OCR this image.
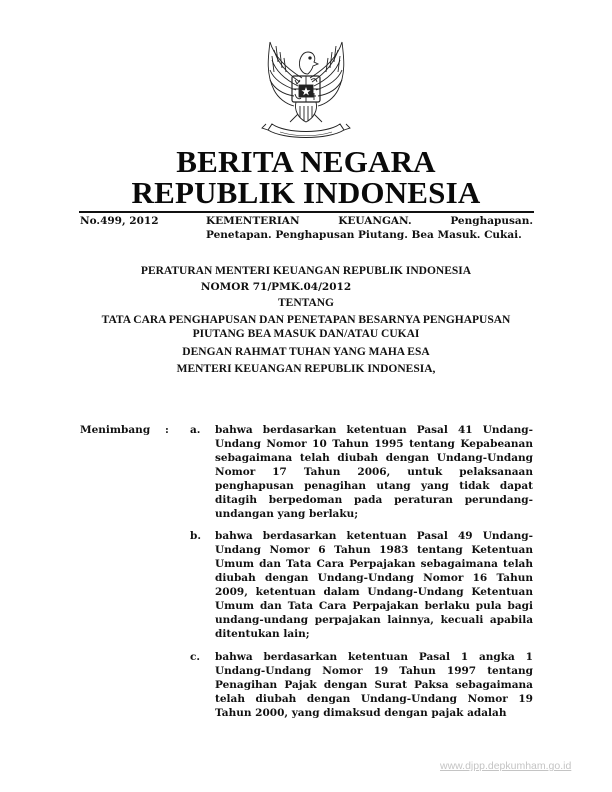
BERITA NEGARA
REPUBLIK INDONESIA
No.499, 2012	KEMENTERIAN	KEUANGAN.	Penghapusan.
Penetapan. Penghapusan Piutang. Bea Masuk. Cukai.
PERATURAN MENTERI KEUANGAN REPUBLIK INDONESIA
NOMOR 71/PMK.04/2012
TENTANG
TATA CARA PENGHAPUSAN DAN PENETAPAN BESARNYA PENGHAPUSAN
PIUTANG BEA MASUK DAN/ATAU CUKAI
DENGAN RAHMAT TUHAN YANG MAHA ESA
MENTERI KEUANGAN REPUBLIK INDONESIA,
Menimbang : a. bahwa berdasarkan ketentuan Pasal 41 Undang-Undang Nomor 10 Tahun 1995 tentang Kepabeanan sebagaimana telah diubah dengan Undang-Undang Nomor 17 Tahun 2006, untuk pelaksanaan penghapusan penagihan utang yang tidak dapat ditagih berpedoman pada peraturan perundang-undangan yang berlaku;
b. bahwa berdasarkan ketentuan Pasal 49 Undang-Undang Nomor 6 Tahun 1983 tentang Ketentuan Umum dan Tata Cara Perpajakan sebagaimana telah diubah dengan Undang-Undang Nomor 16 Tahun 2009, ketentuan dalam Undang-Undang Ketentuan Umum dan Tata Cara Perpajakan berlaku pula bagi undang-undang perpajakan lainnya, kecuali apabila ditentukan lain;
c. bahwa berdasarkan ketentuan Pasal 1 angka 1 Undang-Undang Nomor 19 Tahun 1997 tentang Penagihan Pajak dengan Surat Paksa sebagaimana telah diubah dengan Undang-Undang Nomor 19 Tahun 2000, yang dimaksud dengan pajak adalah
www.djpp.depkumham.go.id
